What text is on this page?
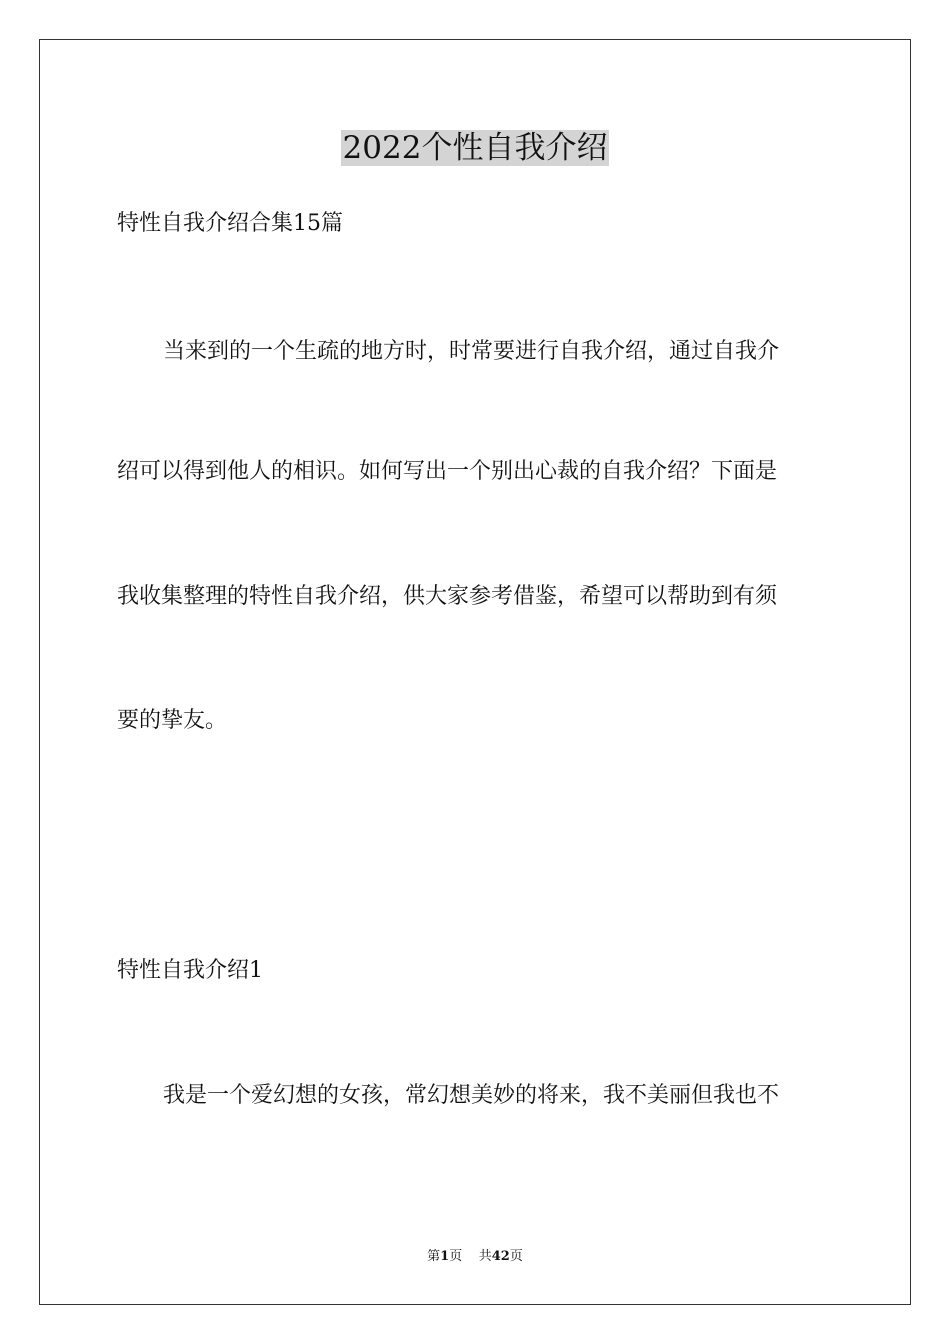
2022个性自我介绍

特性自我介绍合集15篇

当来到的一个生疏的地方时，时常要进行自我介绍，通过自我介

绍可以得到他人的相识。如何写出一个别出心裁的自我介绍？下面是

我收集整理的特性自我介绍，供大家参考借鉴，希望可以帮助到有须

要的挚友。

特性自我介绍1

我是一个爱幻想的女孩，常幻想美妙的将来，我不美丽但我也不

第1页 共42页
